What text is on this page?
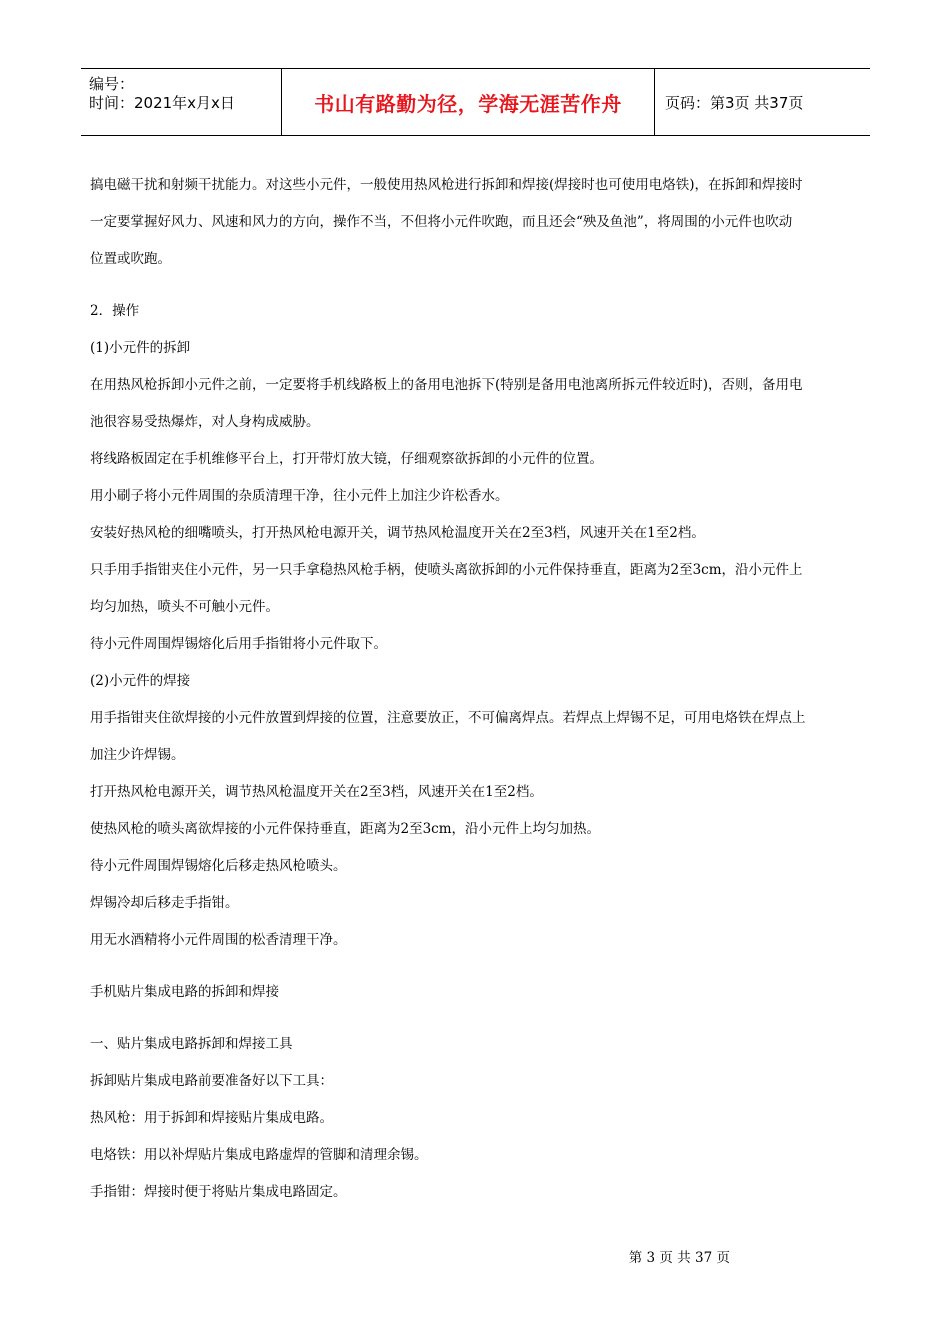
编号：
时间：2021年x月x日	书山有路勤为径，学海无涯苦作舟	页码：第3页 共37页

搞电磁干扰和射频干扰能力。对这些小元件，一般使用热风枪进行拆卸和焊接(焊接时也可使用电烙铁)，在拆卸和焊接时

一定要掌握好风力、风速和风力的方向，操作不当，不但将小元件吹跑，而且还会“殃及鱼池”，将周围的小元件也吹动

位置或吹跑。

2．操作

(1)小元件的拆卸

在用热风枪拆卸小元件之前，一定要将手机线路板上的备用电池拆下(特别是备用电池离所拆元件较近时)，否则，备用电

池很容易受热爆炸，对人身构成威胁。

将线路板固定在手机维修平台上，打开带灯放大镜，仔细观察欲拆卸的小元件的位置。

用小刷子将小元件周围的杂质清理干净，往小元件上加注少许松香水。

安装好热风枪的细嘴喷头，打开热风枪电源开关，调节热风枪温度开关在2至3档，风速开关在1至2档。

只手用手指钳夹住小元件，另一只手拿稳热风枪手柄，使喷头离欲拆卸的小元件保持垂直，距离为2至3cm，沿小元件上

均匀加热，喷头不可触小元件。

待小元件周围焊锡熔化后用手指钳将小元件取下。

(2)小元件的焊接

用手指钳夹住欲焊接的小元件放置到焊接的位置，注意要放正，不可偏离焊点。若焊点上焊锡不足，可用电烙铁在焊点上

加注少许焊锡。

打开热风枪电源开关，调节热风枪温度开关在2至3档，风速开关在1至2档。

使热风枪的喷头离欲焊接的小元件保持垂直，距离为2至3cm，沿小元件上均匀加热。

待小元件周围焊锡熔化后移走热风枪喷头。

焊锡冷却后移走手指钳。

用无水酒精将小元件周围的松香清理干净。

手机贴片集成电路的拆卸和焊接

一、贴片集成电路拆卸和焊接工具

拆卸贴片集成电路前要准备好以下工具：

热风枪：用于拆卸和焊接贴片集成电路。

电烙铁：用以补焊贴片集成电路虚焊的管脚和清理余锡。

手指钳：焊接时便于将贴片集成电路固定。

第 3 页 共 37 页
